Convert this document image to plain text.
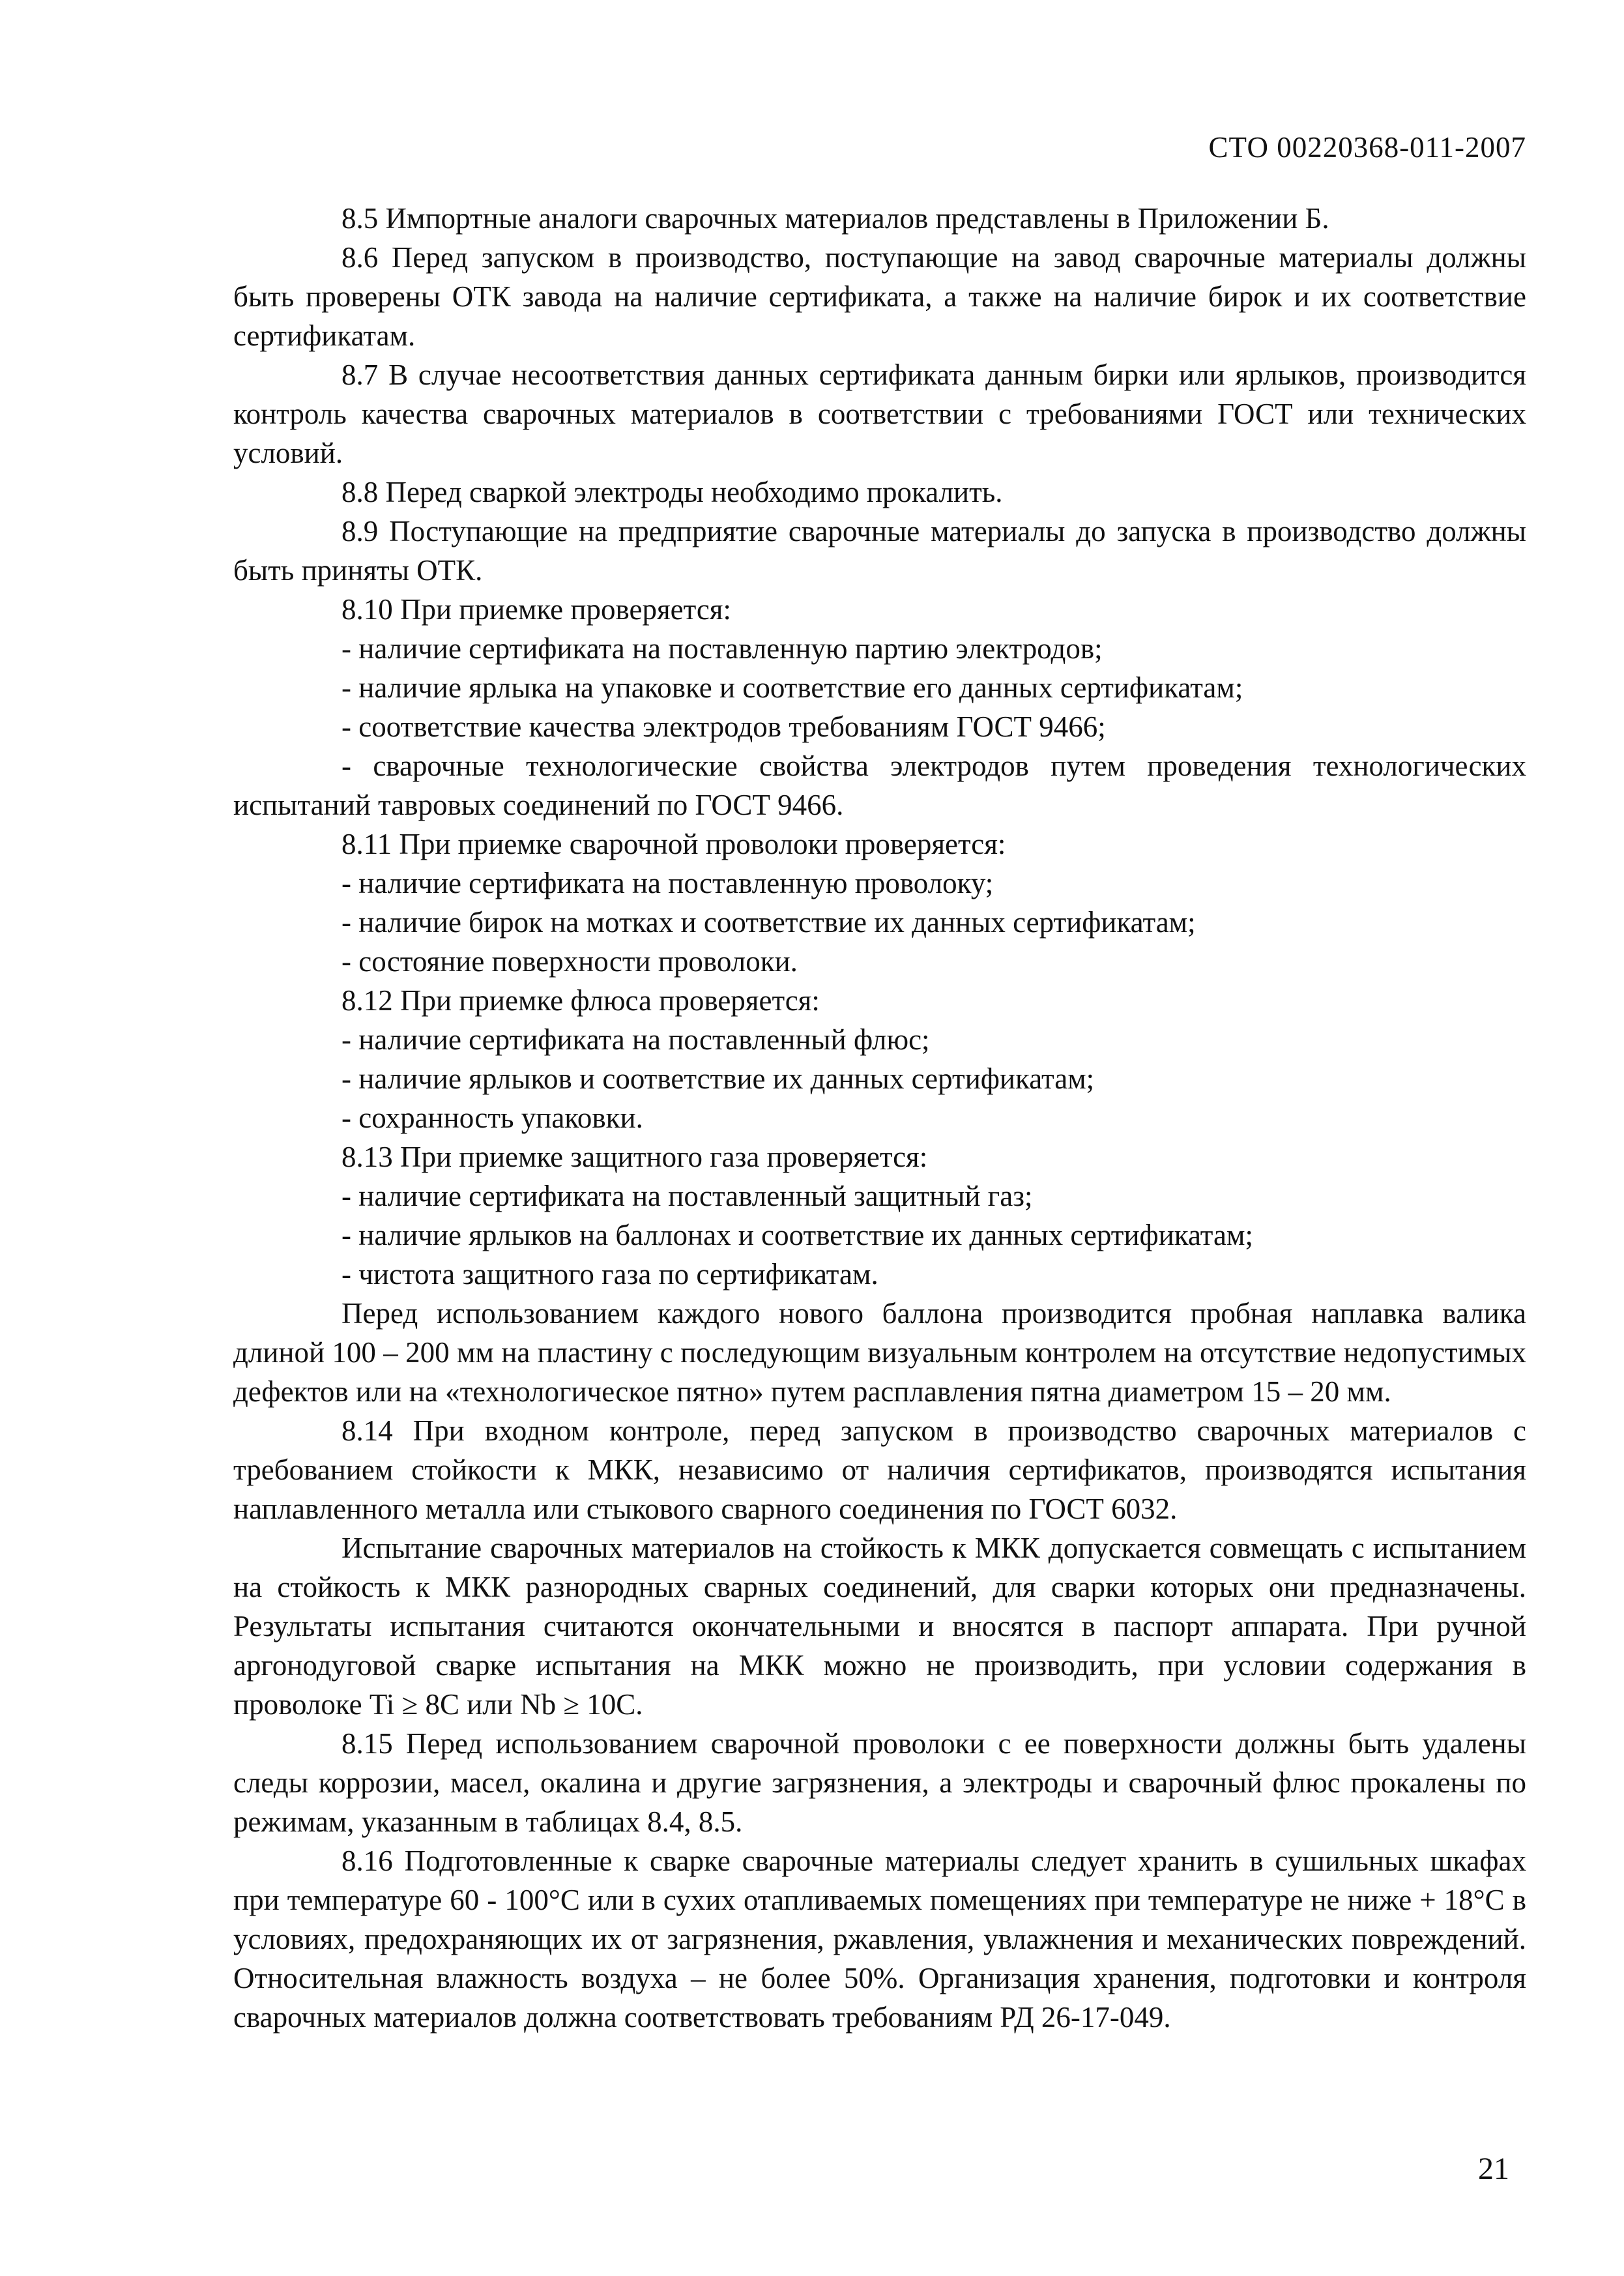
СТО 00220368-011-2007

8.5 Импортные аналоги сварочных материалов представлены в Приложении Б.

8.6 Перед запуском в производство, поступающие на завод сварочные материалы должны быть проверены ОТК завода на наличие сертификата, а также на наличие бирок и их соответствие сертификатам.

8.7 В случае несоответствия данных сертификата данным бирки или ярлыков, производится контроль качества сварочных материалов в соответствии с требованиями ГОСТ или технических условий.

8.8 Перед сваркой электроды необходимо прокалить.

8.9 Поступающие на предприятие сварочные материалы до запуска в производство должны быть приняты ОТК.

8.10 При приемке проверяется:

- наличие сертификата на поставленную партию электродов;

- наличие ярлыка на упаковке и соответствие его данных сертификатам;

- соответствие качества электродов требованиям ГОСТ 9466;

- сварочные технологические свойства электродов путем проведения технологических испытаний тавровых соединений по ГОСТ 9466.

8.11 При приемке сварочной проволоки проверяется:

- наличие сертификата на поставленную проволоку;

- наличие бирок на мотках и соответствие их данных сертификатам;

- состояние поверхности проволоки.

8.12 При приемке флюса проверяется:

- наличие сертификата на поставленный флюс;

- наличие ярлыков и соответствие их данных сертификатам;

- сохранность упаковки.

8.13 При приемке защитного газа проверяется:

- наличие сертификата на поставленный защитный газ;

- наличие ярлыков на баллонах и соответствие их данных сертификатам;

- чистота защитного газа по сертификатам.

Перед использованием каждого нового баллона производится пробная наплавка валика длиной 100 – 200 мм на пластину с последующим визуальным контролем на отсутствие недопустимых дефектов или на «технологическое пятно» путем расплавления пятна диаметром 15 – 20 мм.

8.14 При входном контроле, перед запуском в производство сварочных материалов с требованием стойкости к МКК, независимо от наличия сертификатов, производятся испытания наплавленного металла или стыкового сварного соединения по ГОСТ 6032.

Испытание сварочных материалов на стойкость к МКК допускается совмещать с испытанием на стойкость к МКК разнородных сварных соединений, для сварки которых они предназначены. Результаты испытания считаются окончательными и вносятся в паспорт аппарата. При ручной аргонодуговой сварке испытания на МКК можно не производить, при условии содержания в проволоке Ti ≥ 8C или Nb ≥ 10C.

8.15 Перед использованием сварочной проволоки с ее поверхности должны быть удалены следы коррозии, масел, окалина и другие загрязнения, а электроды и сварочный флюс прокалены по режимам, указанным в таблицах 8.4, 8.5.

8.16 Подготовленные к сварке сварочные материалы следует хранить в сушильных шкафах при температуре 60 - 100°С или в сухих отапливаемых помещениях при температуре не ниже + 18°С в условиях, предохраняющих их от загрязнения, ржавления, увлажнения и механических повреждений. Относительная влажность воздуха – не более 50%. Организация хранения, подготовки и контроля сварочных материалов должна соответствовать требованиям РД 26-17-049.

21
